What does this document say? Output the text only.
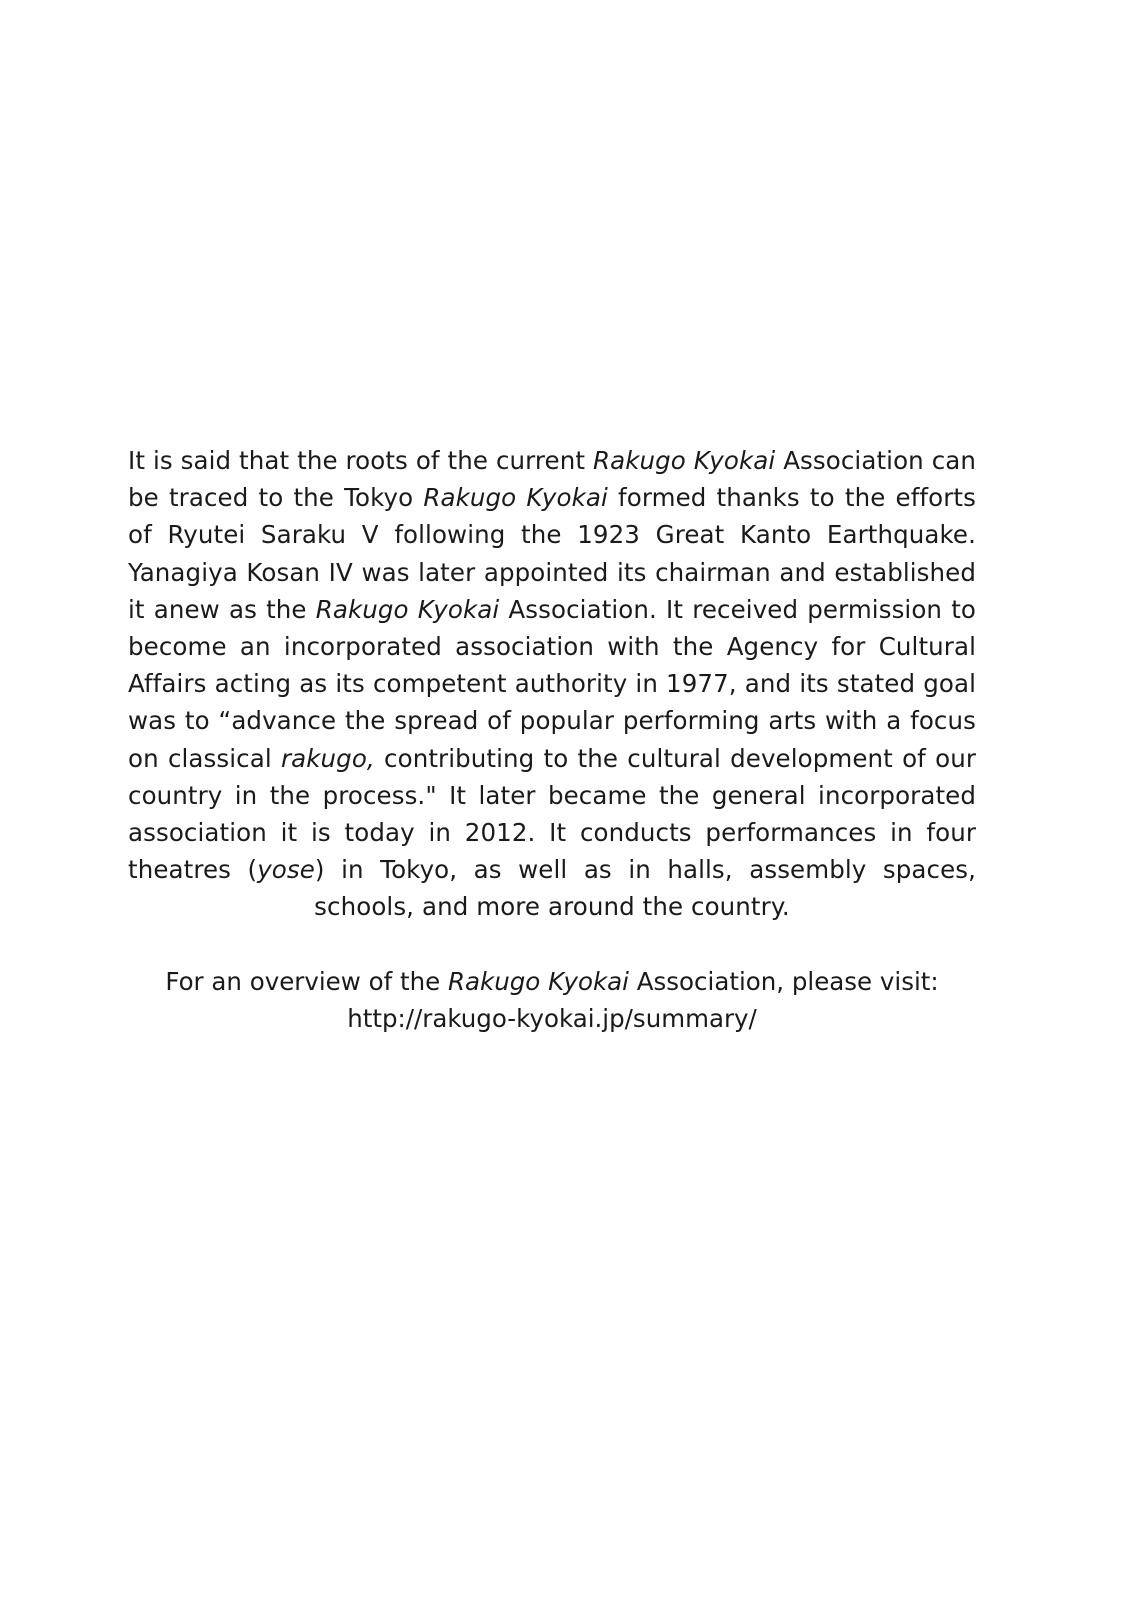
It is said that the roots of the current Rakugo Kyokai Association can be traced to the Tokyo Rakugo Kyokai formed thanks to the efforts of Ryutei Saraku V following the 1923 Great Kanto Earthquake. Yanagiya Kosan IV was later appointed its chairman and established it anew as the Rakugo Kyokai Association. It received permission to become an incorporated association with the Agency for Cultural Affairs acting as its competent authority in 1977, and its stated goal was to “advance the spread of popular performing arts with a focus on classical rakugo, contributing to the cultural development of our country in the process." It later became the general incorporated association it is today in 2012. It conducts performances in four theatres (yose) in Tokyo, as well as in halls, assembly spaces, schools, and more around the country.

For an overview of the Rakugo Kyokai Association, please visit:
http://rakugo-kyokai.jp/summary/
